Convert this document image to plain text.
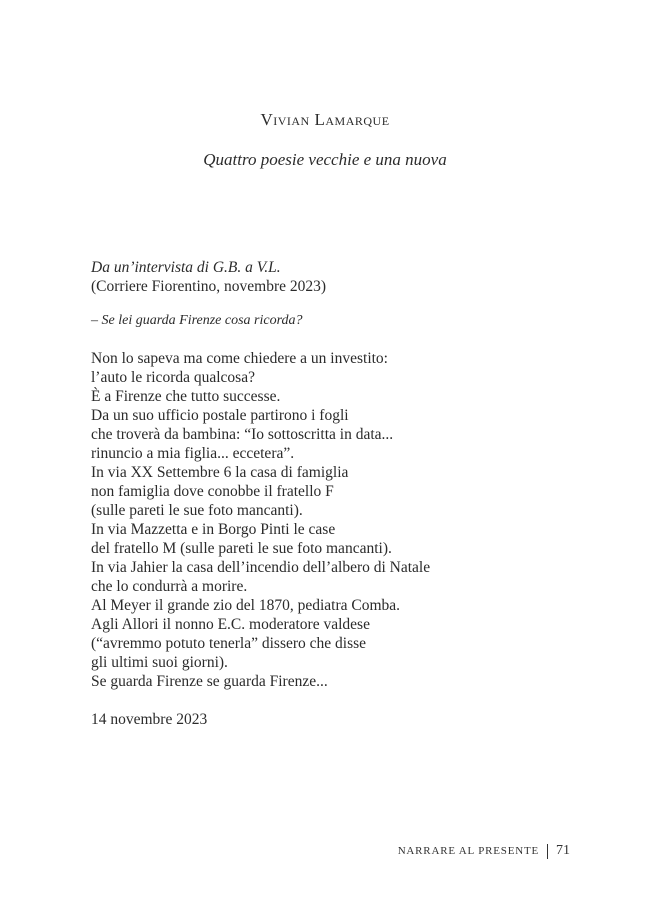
Vivian Lamarque
Quattro poesie vecchie e una nuova
Da un’intervista di G.B. a V.L.
(Corriere Fiorentino, novembre 2023)
– Se lei guarda Firenze cosa ricorda?
Non lo sapeva ma come chiedere a un investito:
l’auto le ricorda qualcosa?
È a Firenze che tutto successe.
Da un suo ufficio postale partirono i fogli
che troverà da bambina: “Io sottoscritta in data...
rinuncio a mia figlia... eccetera”.
In via XX Settembre 6 la casa di famiglia
non famiglia dove conobbe il fratello F
(sulle pareti le sue foto mancanti).
In via Mazzetta e in Borgo Pinti le case
del fratello M (sulle pareti le sue foto mancanti).
In via Jahier la casa dell’incendio dell’albero di Natale
che lo condurrà a morire.
Al Meyer il grande zio del 1870, pediatra Comba.
Agli Allori il nonno E.C. moderatore valdese
(“avremmo potuto tenerla” dissero che disse
gli ultimi suoi giorni).
Se guarda Firenze se guarda Firenze...
14 novembre 2023
NARRARE AL PRESENTE 71
